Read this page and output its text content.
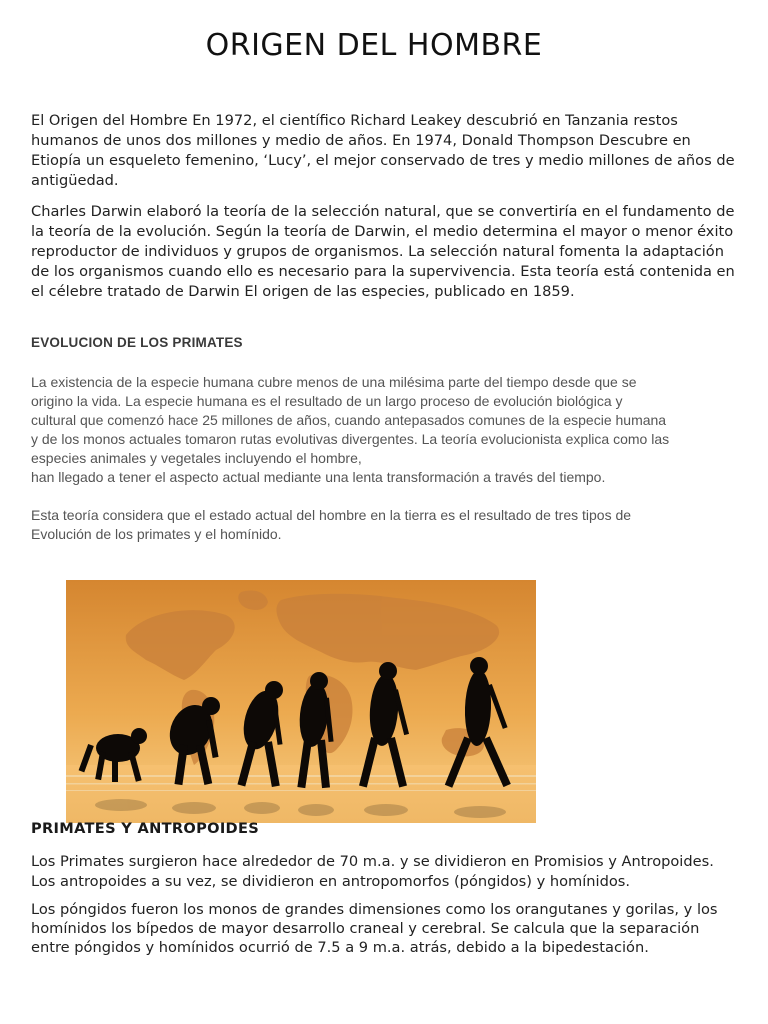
ORIGEN DEL HOMBRE

El Origen del Hombre En 1972, el científico Richard Leakey descubrió en Tanzania restos humanos de unos dos millones y medio de años. En 1974, Donald Thompson Descubre en Etiopía un esqueleto femenino, ‘Lucy’, el mejor conservado de tres y medio millones de años de antigüedad.

Charles Darwin elaboró la teoría de la selección natural, que se convertiría en el fundamento de la teoría de la evolución. Según la teoría de Darwin, el medio determina el mayor o menor éxito reproductor de individuos y grupos de organismos. La selección natural fomenta la adaptación de los organismos cuando ello es necesario para la supervivencia. Esta teoría está contenida en el célebre tratado de Darwin El origen de las especies, publicado en 1859.

EVOLUCION DE LOS PRIMATES
La existencia de la especie humana cubre menos de una milésima parte del tiempo desde que se
origino la vida. La especie humana es el resultado de un largo proceso de evolución biológica y
cultural que comenzó hace 25 millones de años, cuando antepasados comunes de la especie humana
y de los monos actuales tomaron rutas evolutivas divergentes. La teoría evolucionista explica como las
especies animales y vegetales incluyendo el hombre,
han llegado a tener el aspecto actual mediante una lenta transformación a través del tiempo.
Esta teoría considera que el estado actual del hombre en la tierra es el resultado de tres tipos de
Evolución de los primates y el homínido.
PRIMATES Y ANTROPOIDES

Los Primates surgieron hace alrededor de 70 m.a. y se dividieron en Promisios y Antropoides. Los antropoides a su vez, se dividieron en antropomorfos (póngidos) y homínidos.

Los póngidos fueron los monos de grandes dimensiones como los orangutanes y gorilas, y los homínidos los bípedos de mayor desarrollo craneal y cerebral. Se calcula que la separación entre póngidos y homínidos ocurrió de 7.5 a 9 m.a. atrás, debido a la bipedestación.
